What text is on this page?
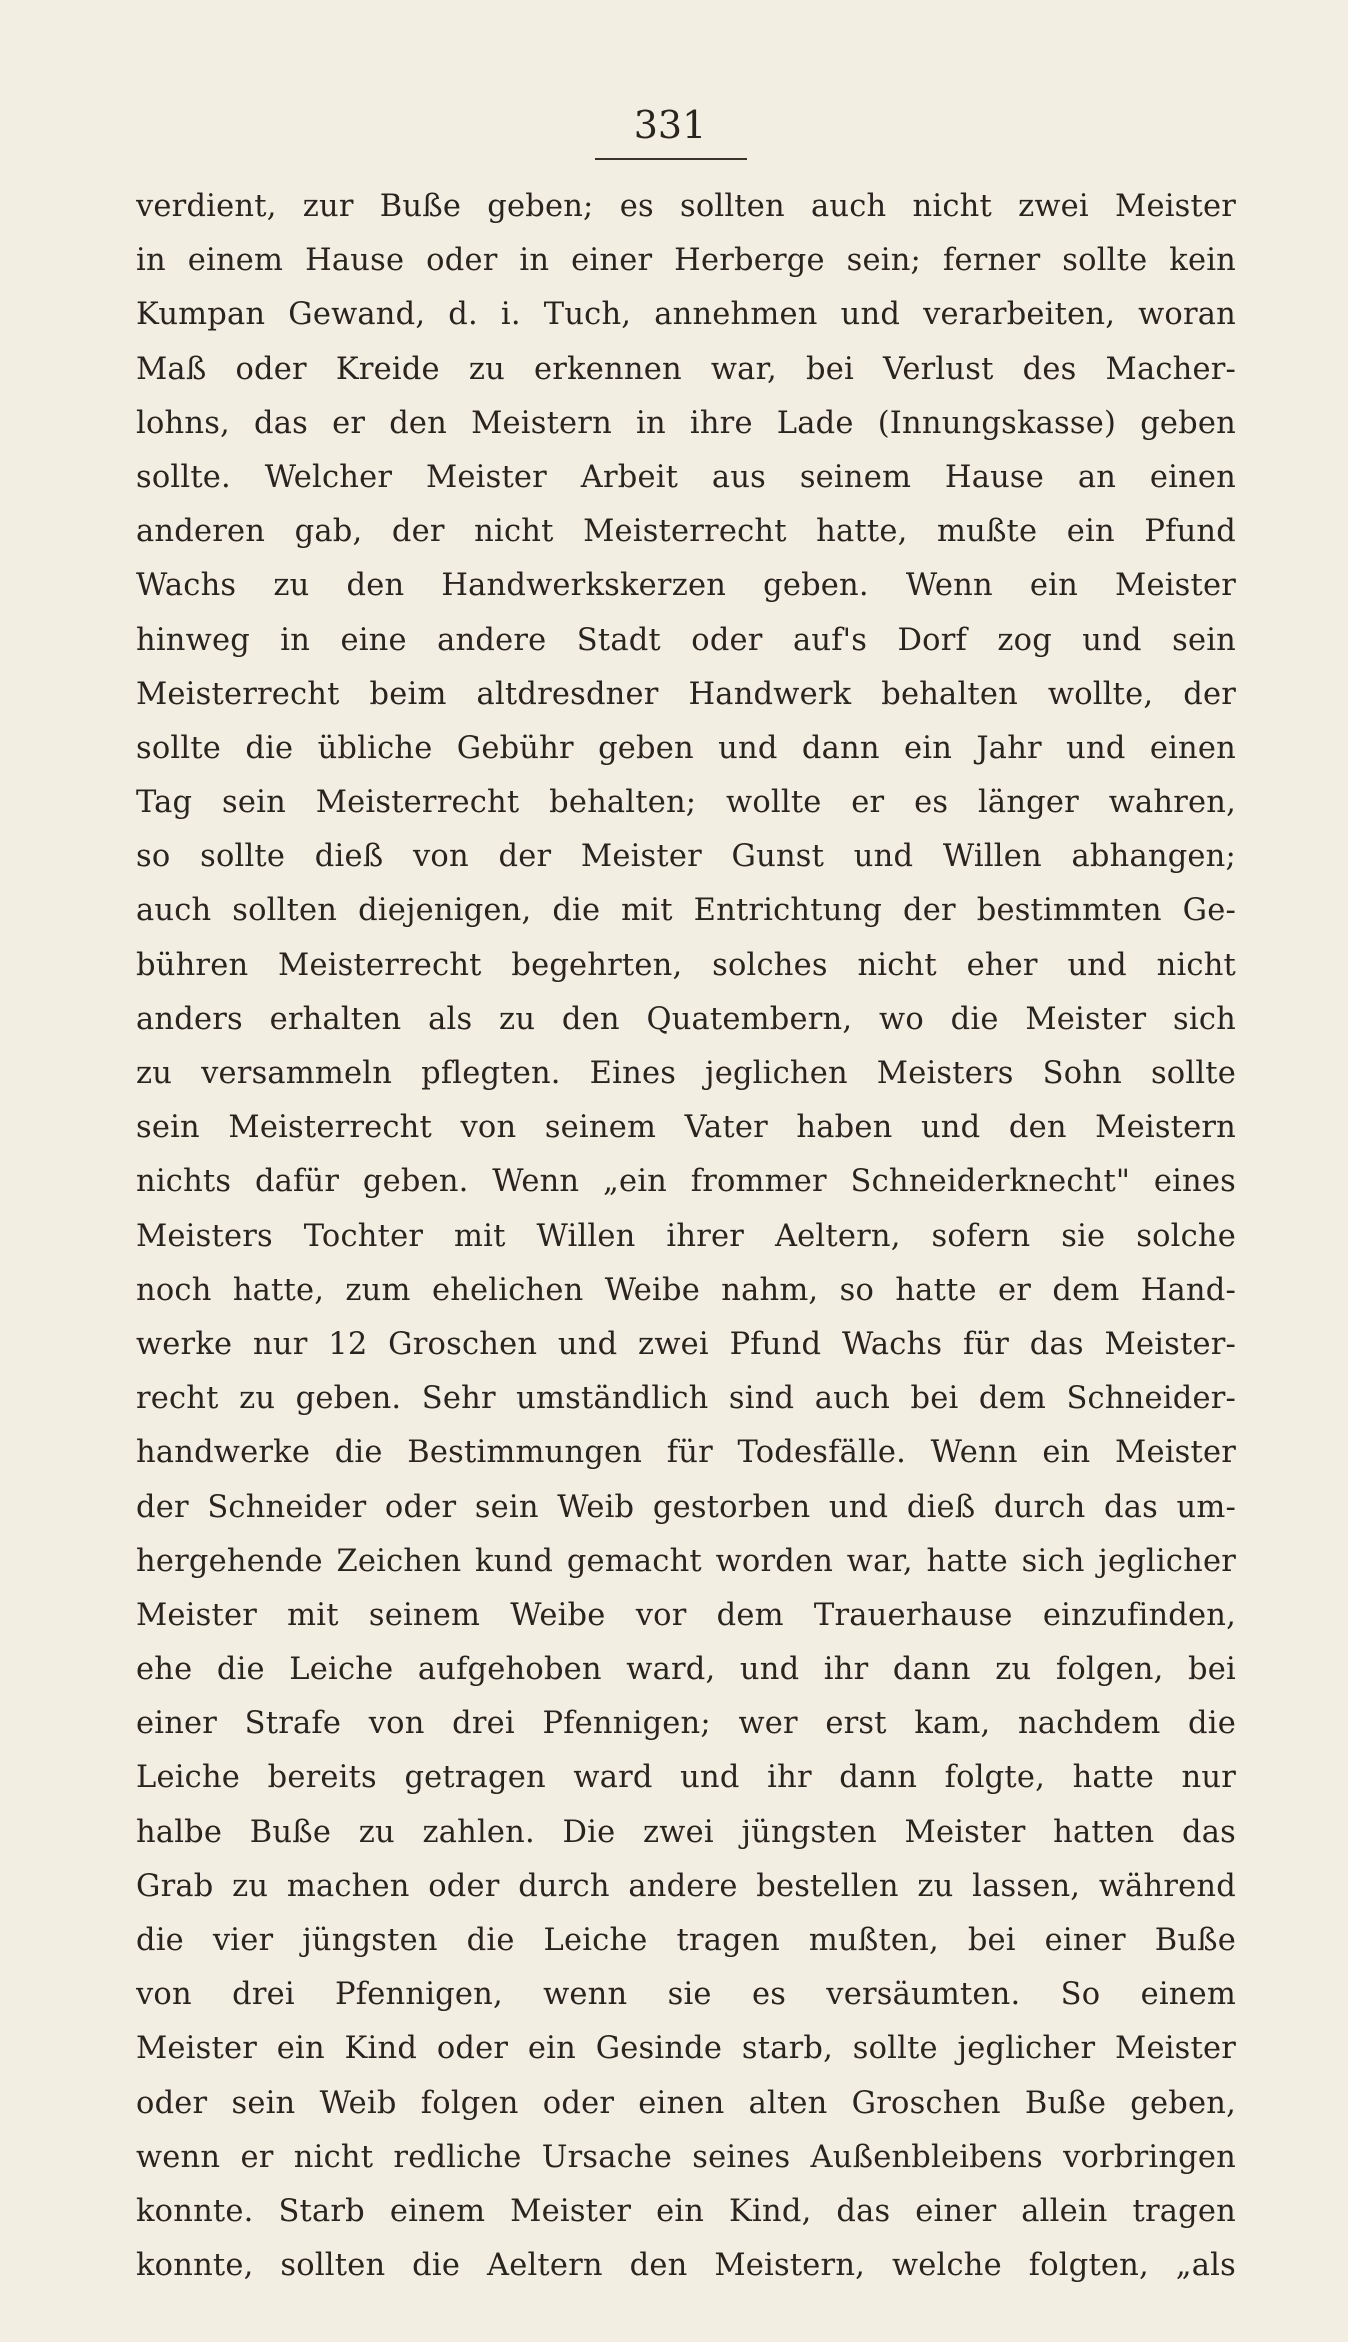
331
verdient, zur Buße geben; es sollten auch nicht zwei Meister
in einem Hause oder in einer Herberge sein; ferner sollte kein
Kumpan Gewand, d. i. Tuch, annehmen und verarbeiten, woran
Maß oder Kreide zu erkennen war, bei Verlust des Macher-
lohns, das er den Meistern in ihre Lade (Innungskasse) geben
sollte. Welcher Meister Arbeit aus seinem Hause an einen
anderen gab, der nicht Meisterrecht hatte, mußte ein Pfund
Wachs zu den Handwerkskerzen geben. Wenn ein Meister
hinweg in eine andere Stadt oder auf's Dorf zog und sein
Meisterrecht beim altdresdner Handwerk behalten wollte, der
sollte die übliche Gebühr geben und dann ein Jahr und einen
Tag sein Meisterrecht behalten; wollte er es länger wahren,
so sollte dieß von der Meister Gunst und Willen abhangen;
auch sollten diejenigen, die mit Entrichtung der bestimmten Ge-
bühren Meisterrecht begehrten, solches nicht eher und nicht
anders erhalten als zu den Quatembern, wo die Meister sich
zu versammeln pflegten. Eines jeglichen Meisters Sohn sollte
sein Meisterrecht von seinem Vater haben und den Meistern
nichts dafür geben. Wenn „ein frommer Schneiderknecht" eines
Meisters Tochter mit Willen ihrer Aeltern, sofern sie solche
noch hatte, zum ehelichen Weibe nahm, so hatte er dem Hand-
werke nur 12 Groschen und zwei Pfund Wachs für das Meister-
recht zu geben. Sehr umständlich sind auch bei dem Schneider-
handwerke die Bestimmungen für Todesfälle. Wenn ein Meister
der Schneider oder sein Weib gestorben und dieß durch das um-
hergehende Zeichen kund gemacht worden war, hatte sich jeglicher
Meister mit seinem Weibe vor dem Trauerhause einzufinden,
ehe die Leiche aufgehoben ward, und ihr dann zu folgen, bei
einer Strafe von drei Pfennigen; wer erst kam, nachdem die
Leiche bereits getragen ward und ihr dann folgte, hatte nur
halbe Buße zu zahlen. Die zwei jüngsten Meister hatten das
Grab zu machen oder durch andere bestellen zu lassen, während
die vier jüngsten die Leiche tragen mußten, bei einer Buße
von drei Pfennigen, wenn sie es versäumten. So einem
Meister ein Kind oder ein Gesinde starb, sollte jeglicher Meister
oder sein Weib folgen oder einen alten Groschen Buße geben,
wenn er nicht redliche Ursache seines Außenbleibens vorbringen
konnte. Starb einem Meister ein Kind, das einer allein tragen
konnte, sollten die Aeltern den Meistern, welche folgten, „als
